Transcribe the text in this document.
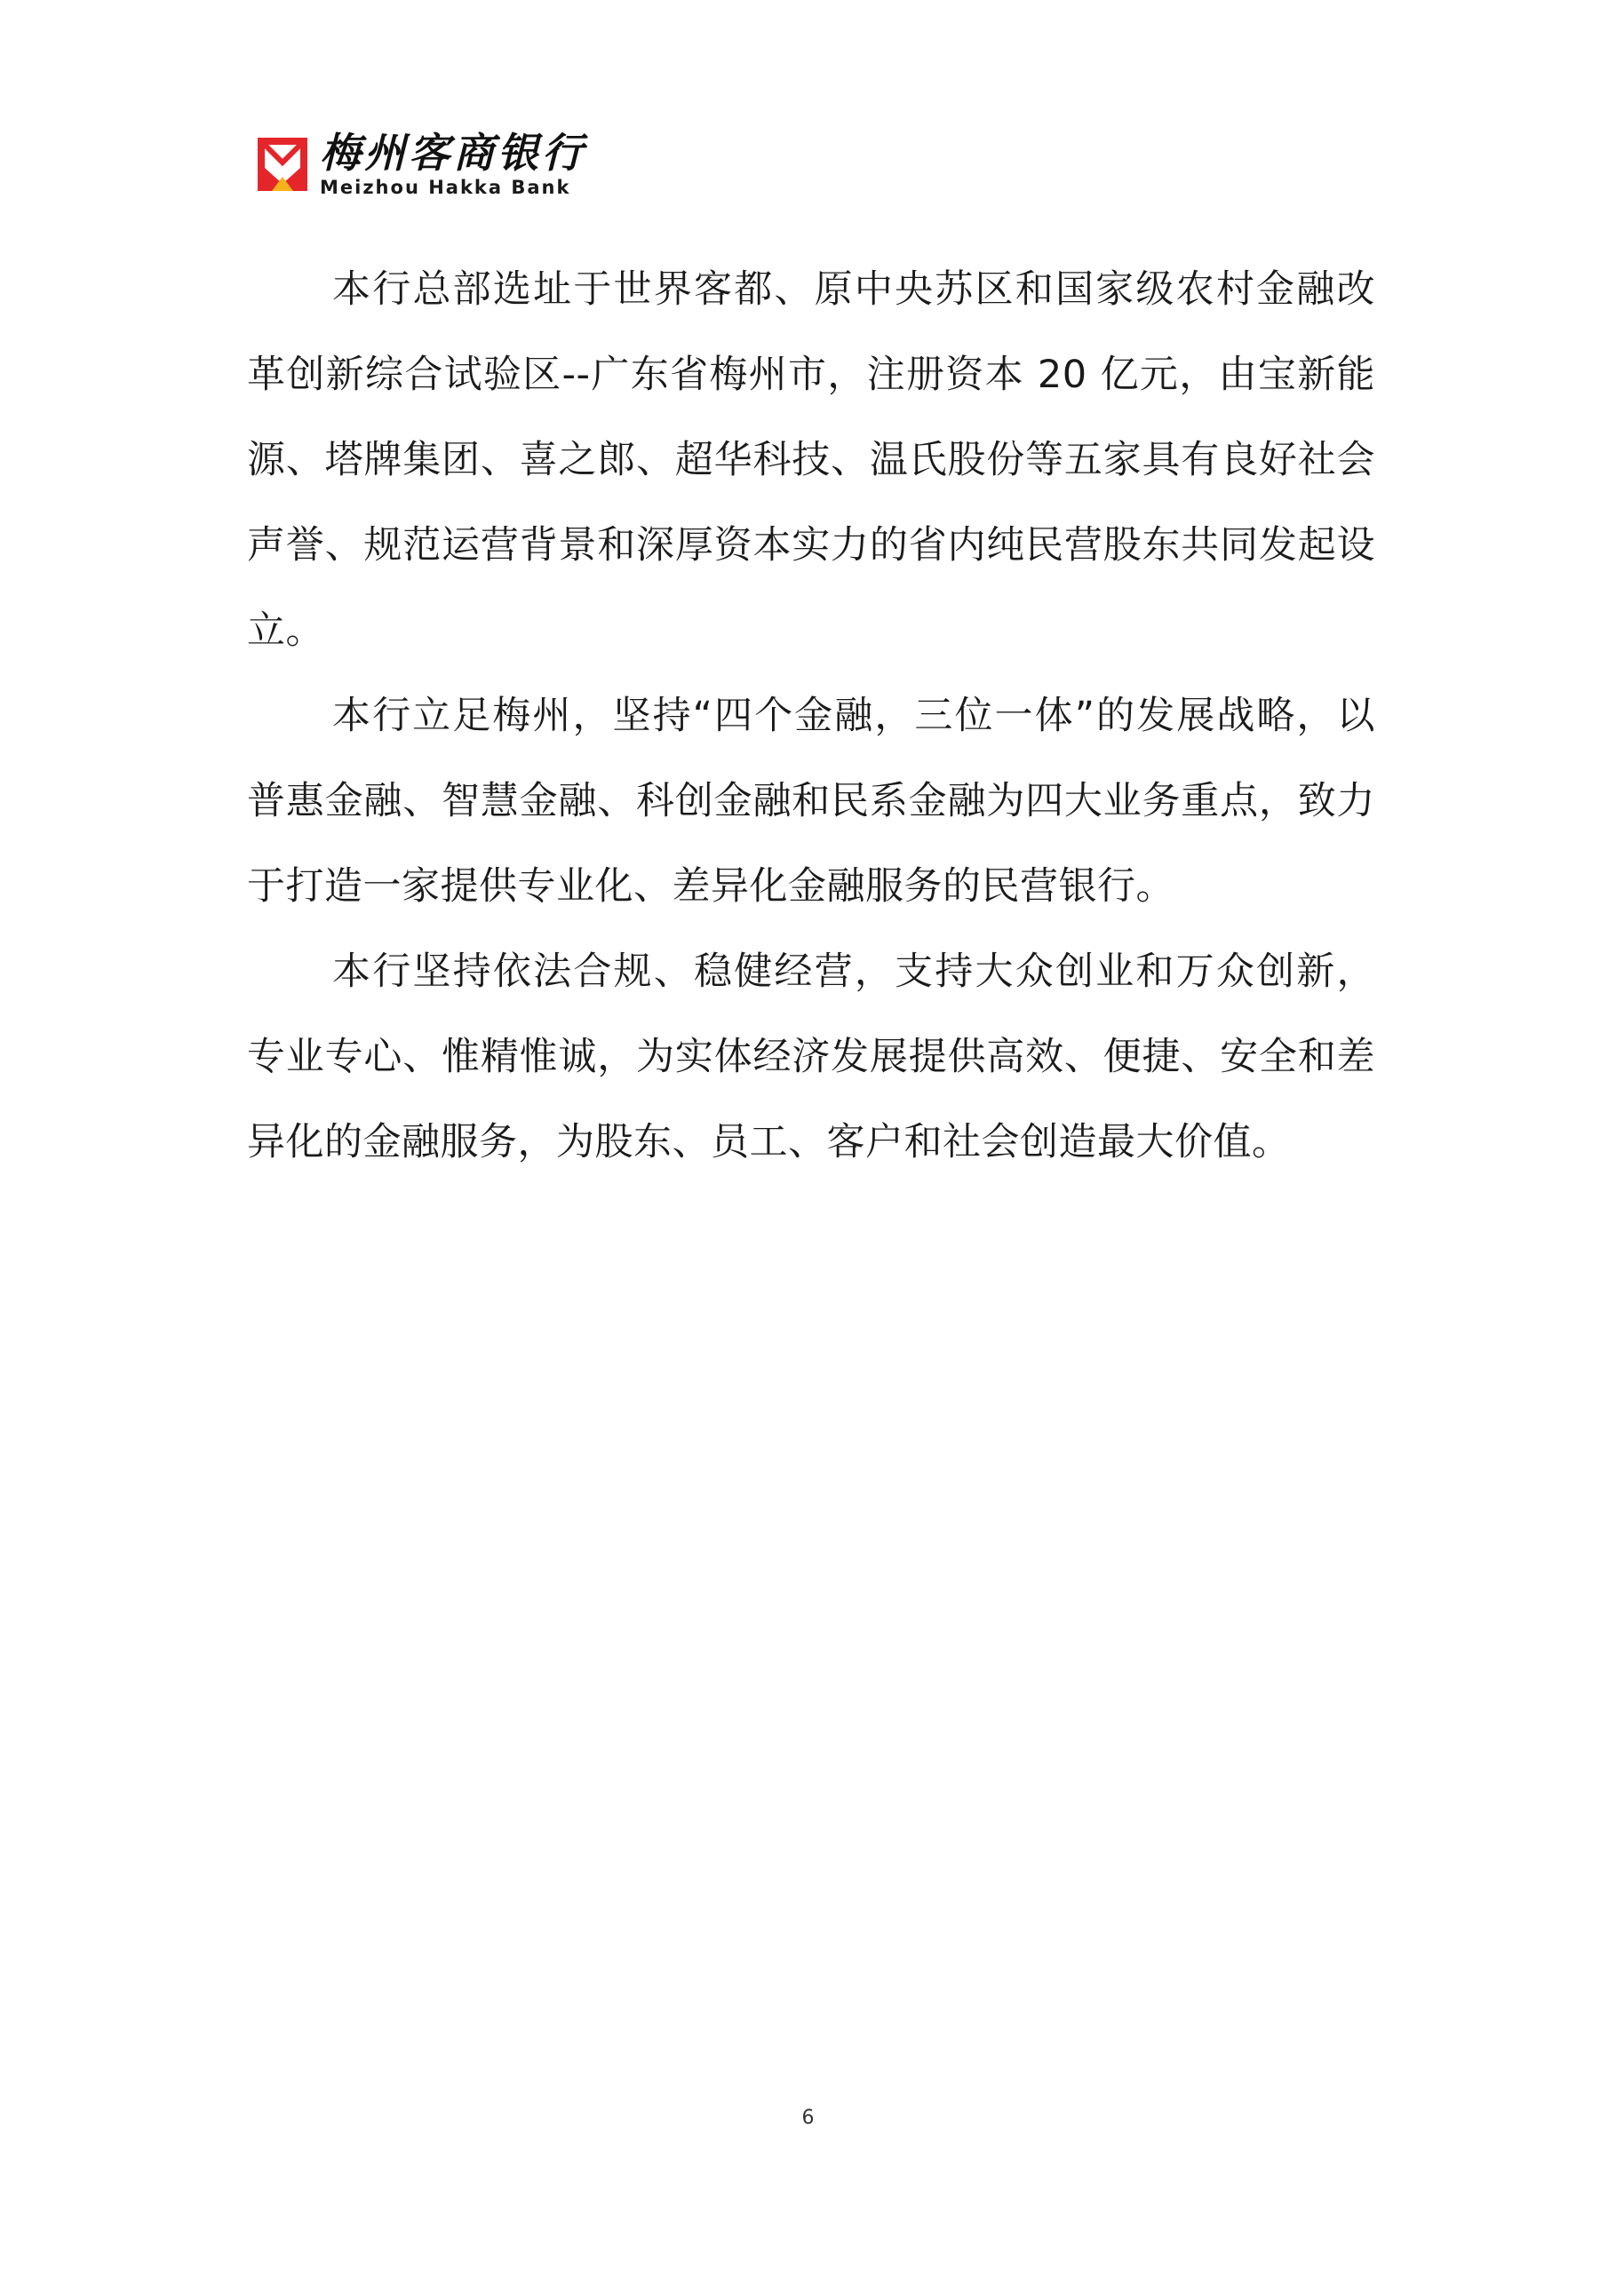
梅州客商银行
Meizhou Hakka Bank

本行总部选址于世界客都、原中央苏区和国家级农村金融改革创新综合试验区--广东省梅州市，注册资本 20 亿元，由宝新能源、塔牌集团、喜之郎、超华科技、温氏股份等五家具有良好社会声誉、规范运营背景和深厚资本实力的省内纯民营股东共同发起设立。

本行立足梅州，坚持“四个金融，三位一体”的发展战略，以普惠金融、智慧金融、科创金融和民系金融为四大业务重点，致力于打造一家提供专业化、差异化金融服务的民营银行。

本行坚持依法合规、稳健经营，支持大众创业和万众创新，专业专心、惟精惟诚，为实体经济发展提供高效、便捷、安全和差异化的金融服务，为股东、员工、客户和社会创造最大价值。

6
